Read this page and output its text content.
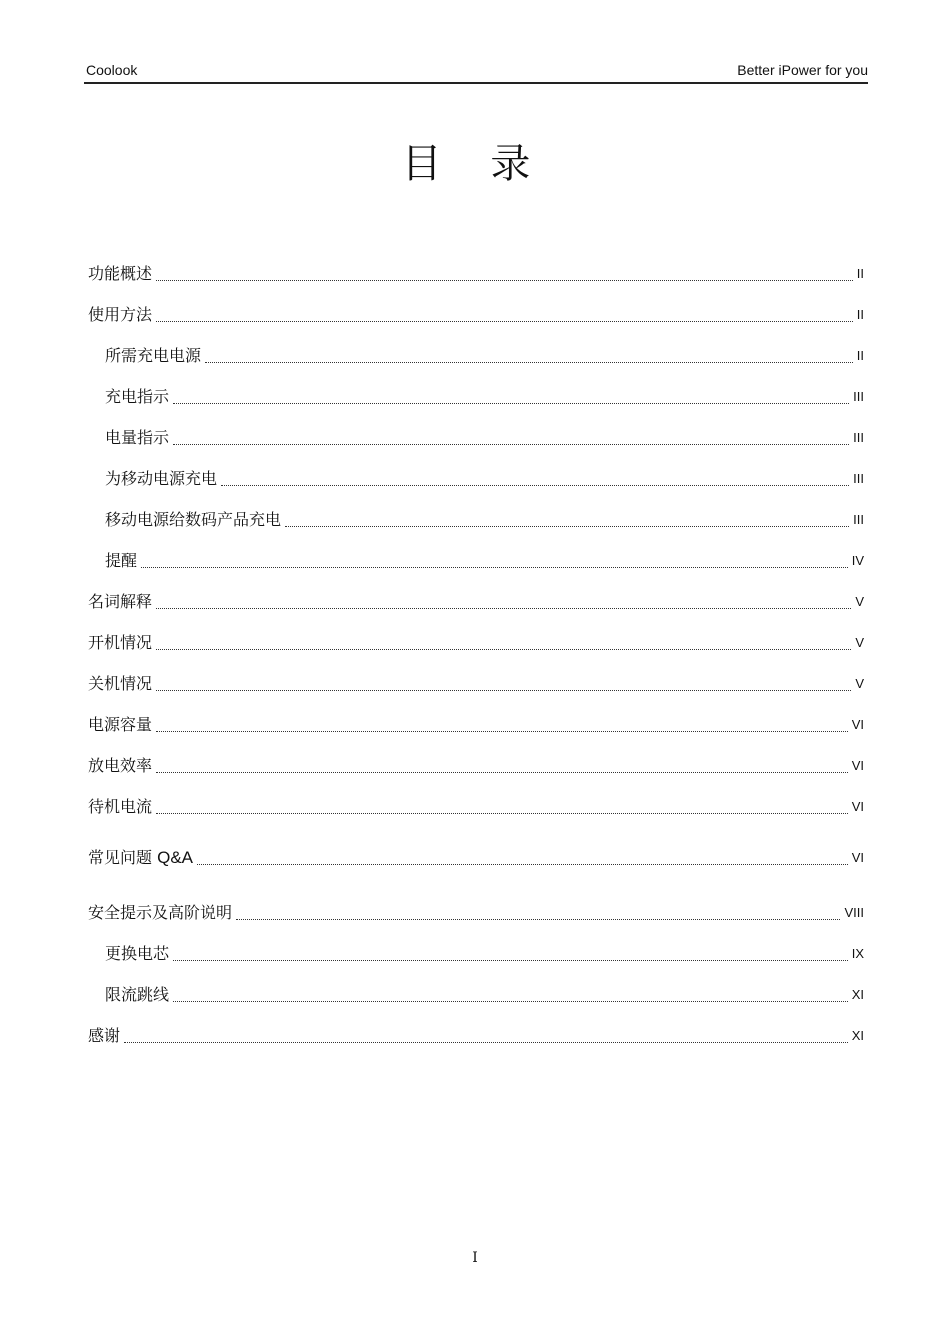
Coolook	Better iPower for you
目 录
功能概述	II
使用方法	II
所需充电电源	II
充电指示	III
电量指示	III
为移动电源充电	III
移动电源给数码产品充电	III
提醒	IV
名词解释	V
开机情况	V
关机情况	V
电源容量	VI
放电效率	VI
待机电流	VI
常见问题 Q&A	VI
安全提示及高阶说明	VIII
更换电芯	IX
限流跳线	XI
感谢	XI
I
